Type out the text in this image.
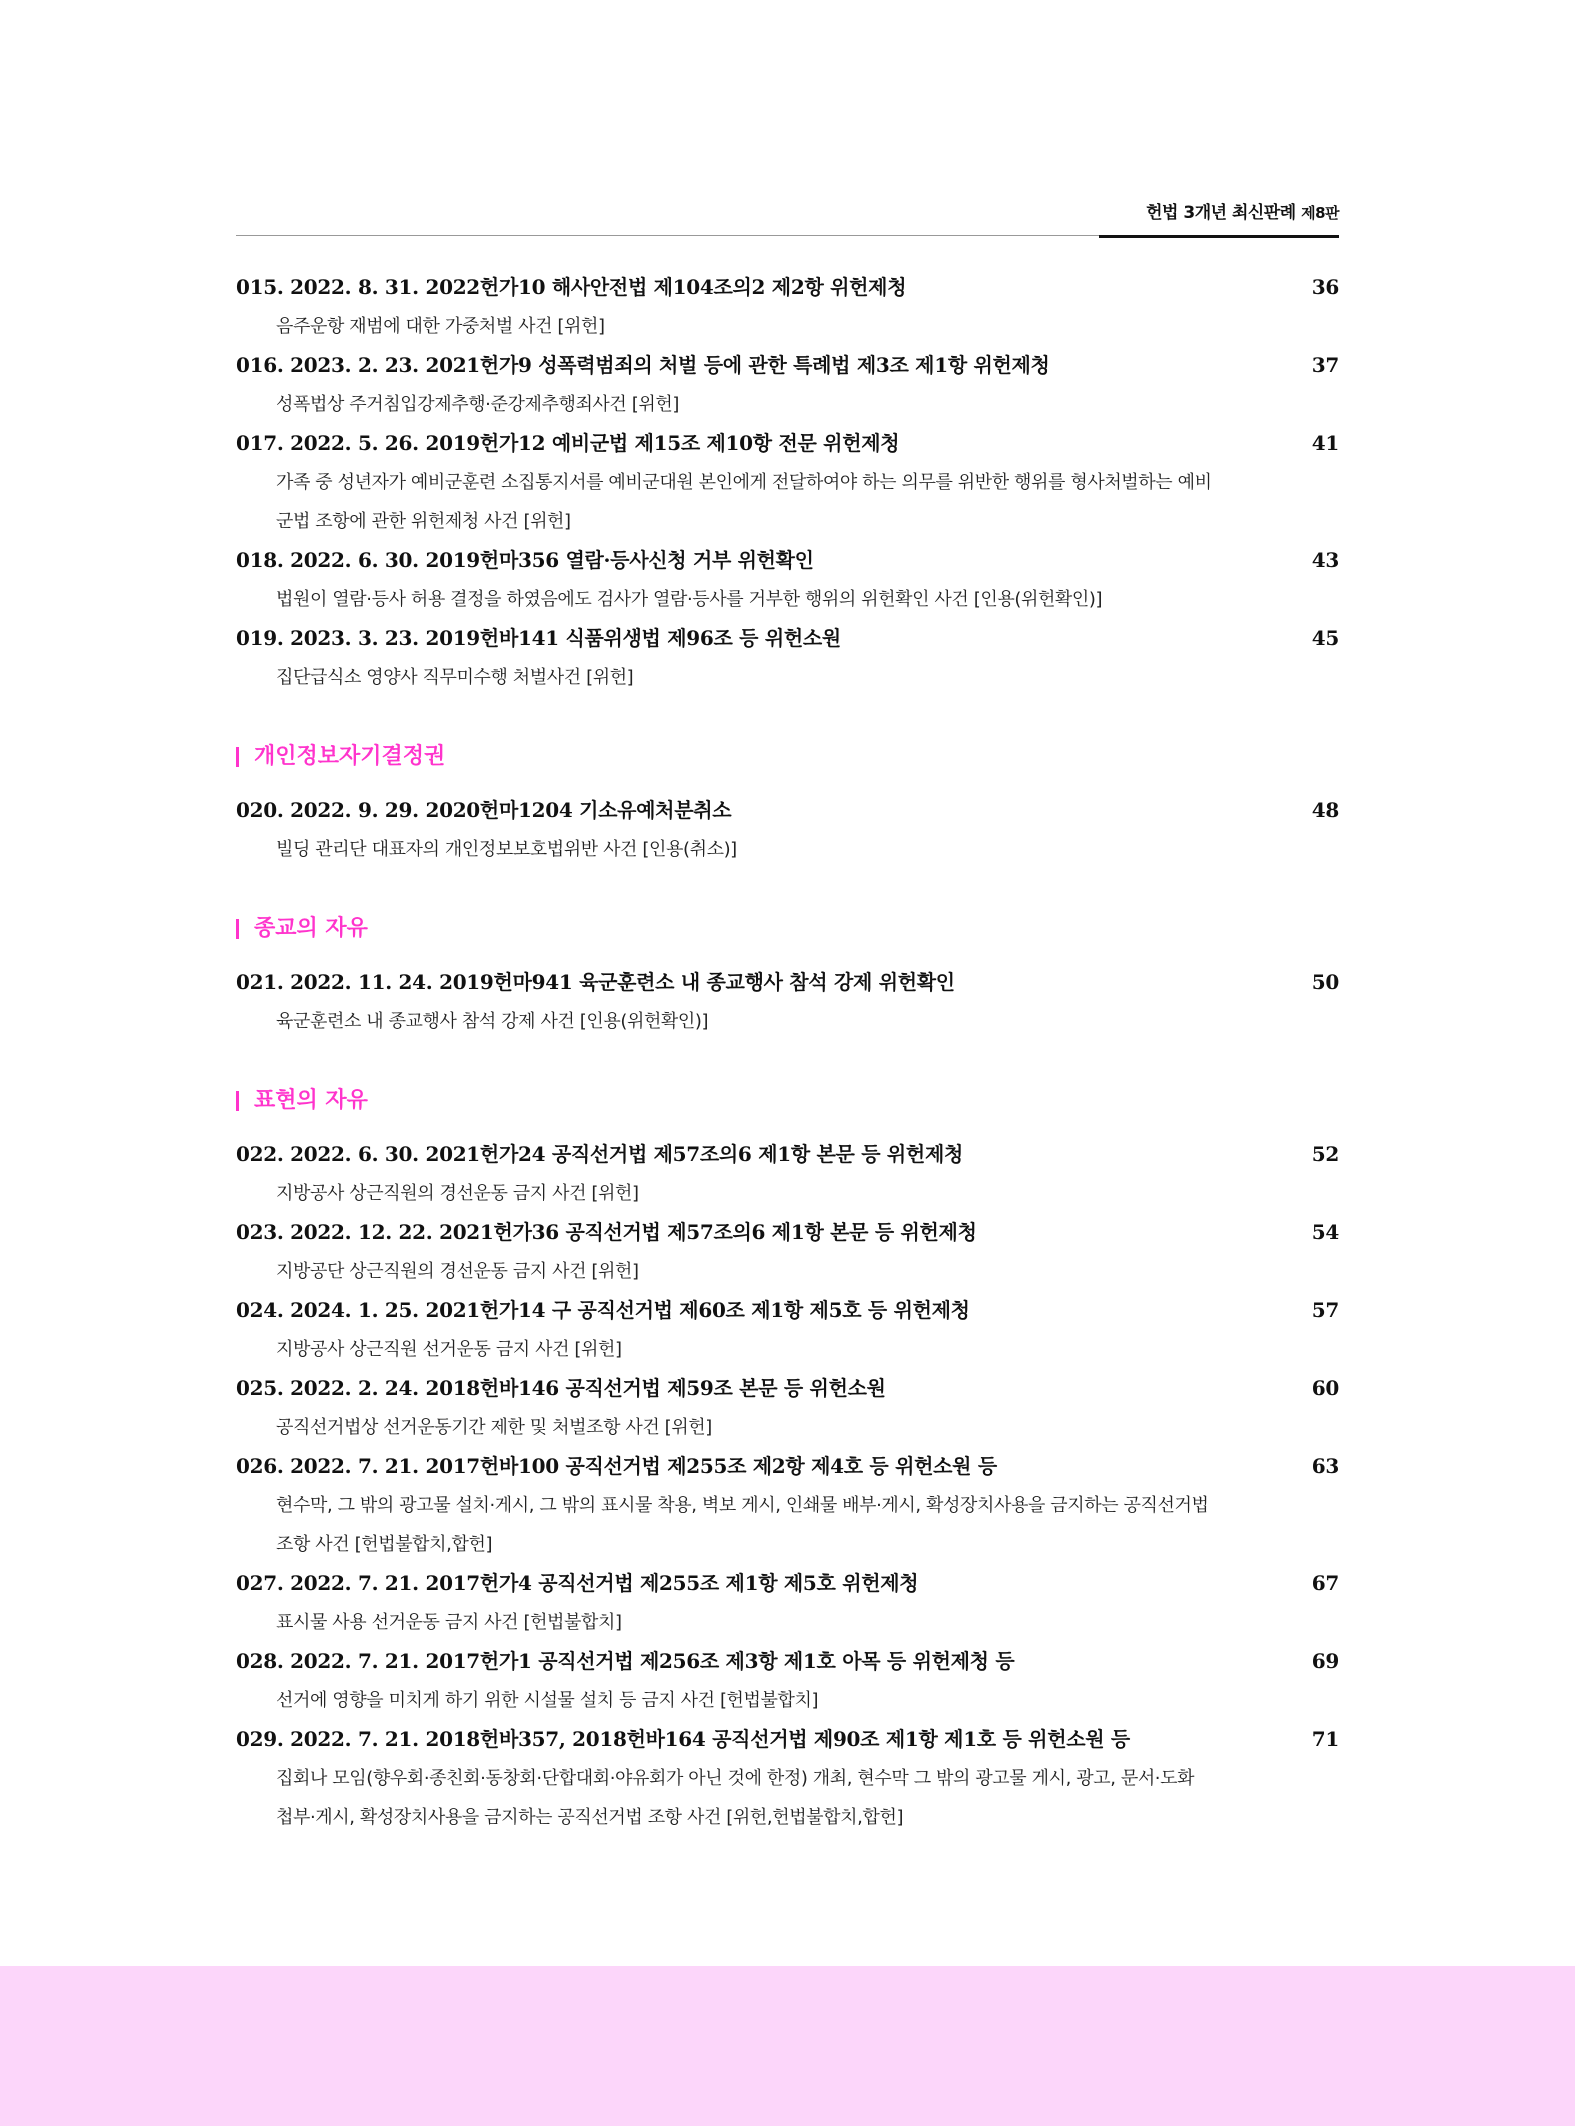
헌법 3개년 최신판례 제8판
015. 2022. 8. 31. 2022헌가10 해사안전법 제104조의2 제2항 위헌제청	36
음주운항 재범에 대한 가중처벌 사건 [위헌]
016. 2023. 2. 23. 2021헌가9 성폭력범죄의 처벌 등에 관한 특례법 제3조 제1항 위헌제청	37
성폭법상 주거침입강제추행·준강제추행죄사건 [위헌]
017. 2022. 5. 26. 2019헌가12 예비군법 제15조 제10항 전문 위헌제청	41
가족 중 성년자가 예비군훈련 소집통지서를 예비군대원 본인에게 전달하여야 하는 의무를 위반한 행위를 형사처벌하는 예비
군법 조항에 관한 위헌제청 사건 [위헌]
018. 2022. 6. 30. 2019헌마356 열람·등사신청 거부 위헌확인	43
법원이 열람·등사 허용 결정을 하였음에도 검사가 열람·등사를 거부한 행위의 위헌확인 사건 [인용(위헌확인)]
019. 2023. 3. 23. 2019헌바141 식품위생법 제96조 등 위헌소원	45
집단급식소 영양사 직무미수행 처벌사건 [위헌]
개인정보자기결정권
020. 2022. 9. 29. 2020헌마1204 기소유예처분취소	48
빌딩 관리단 대표자의 개인정보보호법위반 사건 [인용(취소)]
종교의 자유
021. 2022. 11. 24. 2019헌마941 육군훈련소 내 종교행사 참석 강제 위헌확인	50
육군훈련소 내 종교행사 참석 강제 사건 [인용(위헌확인)]
표현의 자유
022. 2022. 6. 30. 2021헌가24 공직선거법 제57조의6 제1항 본문 등 위헌제청	52
지방공사 상근직원의 경선운동 금지 사건 [위헌]
023. 2022. 12. 22. 2021헌가36 공직선거법 제57조의6 제1항 본문 등 위헌제청	54
지방공단 상근직원의 경선운동 금지 사건 [위헌]
024. 2024. 1. 25. 2021헌가14 구 공직선거법 제60조 제1항 제5호 등 위헌제청	57
지방공사 상근직원 선거운동 금지 사건 [위헌]
025. 2022. 2. 24. 2018헌바146 공직선거법 제59조 본문 등 위헌소원	60
공직선거법상 선거운동기간 제한 및 처벌조항 사건 [위헌]
026. 2022. 7. 21. 2017헌바100 공직선거법 제255조 제2항 제4호 등 위헌소원 등	63
현수막, 그 밖의 광고물 설치·게시, 그 밖의 표시물 착용, 벽보 게시, 인쇄물 배부·게시, 확성장치사용을 금지하는 공직선거법
조항 사건 [헌법불합치,합헌]
027. 2022. 7. 21. 2017헌가4 공직선거법 제255조 제1항 제5호 위헌제청	67
표시물 사용 선거운동 금지 사건 [헌법불합치]
028. 2022. 7. 21. 2017헌가1 공직선거법 제256조 제3항 제1호 아목 등 위헌제청 등	69
선거에 영향을 미치게 하기 위한 시설물 설치 등 금지 사건 [헌법불합치]
029. 2022. 7. 21. 2018헌바357, 2018헌바164 공직선거법 제90조 제1항 제1호 등 위헌소원 등	71
집회나 모임(향우회·종친회·동창회·단합대회·야유회가 아닌 것에 한정) 개최, 현수막 그 밖의 광고물 게시, 광고, 문서·도화
첩부·게시, 확성장치사용을 금지하는 공직선거법 조항 사건 [위헌,헌법불합치,합헌]
